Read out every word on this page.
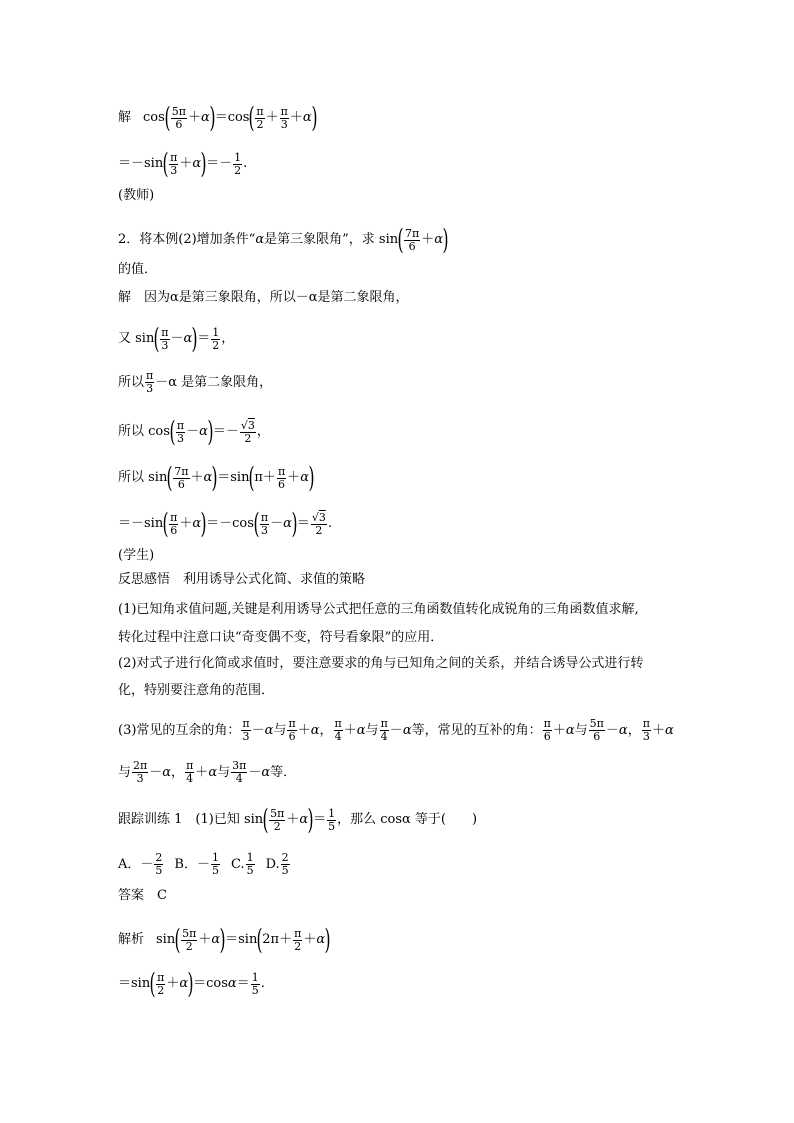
解 cos ( 5π
6 ＋ α ) ＝cos ( π
2 ＋ π
3 ＋ α )
＝－sin ( π
3 ＋ α ) ＝－ 1
2 .
(教师)
2．将本例(2)增加条件“ α 是第三象限角”，求 sin ( 7π
6 ＋ α )
的值．
解　因为α是第三象限角，所以－α是第二象限角，
又 sin ( π
3 － α ) ＝ 1
2 ，
所以 π
3 －α 是第二象限角，
所以 cos ( π
3 － α ) ＝－ √3
2 ，
所以 sin ( 7π
6 ＋ α ) ＝sin ( π＋ π
6 ＋ α )
＝－sin ( π
6 ＋ α ) ＝－cos ( π
3 － α ) ＝ √3
2 .
(学生)
反思感悟　利用诱导公式化简、求值的策略
(1)已知角求值问题,关键是利用诱导公式把任意的三角函数值转化成锐角的三角函数值求解,
转化过程中注意口诀“奇变偶不变，符号看象限”的应用．
(2)对式子进行化简或求值时，要注意要求的角与已知角之间的关系，并结合诱导公式进行转
化，特别要注意角的范围．
(3)常见的互余的角： π
3 － α 与 π
6 ＋ α ， π
4 ＋ α 与 π
4 － α 等，常见的互补的角： π
6 ＋ α 与 5π
6 － α ， π
3 ＋ α
与 2π
3 － α ， π
4 ＋ α 与 3π
4 － α 等．
跟踪训练 1　(1)已知 sin ( 5π
2 ＋ α ) ＝ 1
5 ，那么 cosα 等于(　　)
A．－ 2
5 B．－ 1
5 C. 1
5 D. 2
5
答案　C
解析 sin ( 5π
2 ＋ α ) ＝sin ( 2π＋ π
2 ＋ α )
＝sin ( π
2 ＋ α ) ＝cos α ＝ 1
5 .
